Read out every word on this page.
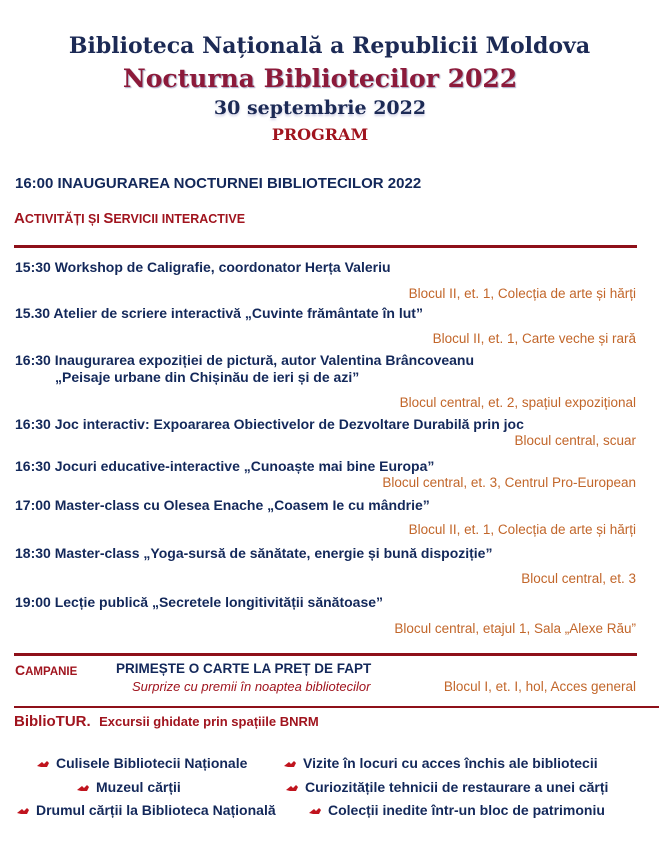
Biblioteca Națională a Republicii Moldova
Nocturna Bibliotecilor 2022
30 septembrie 2022
PROGRAM
16:00 INAUGURAREA NOCTURNEI BIBLIOTECILOR 2022
ACTIVITĂȚI ȘI SERVICII INTERACTIVE
15:30 Workshop de Caligrafie, coordonator Herța Valeriu
Blocul II, et. 1, Colecția de arte și hărți
15.30 Atelier de scriere interactivă „Cuvinte frământate în lut”
Blocul II, et. 1, Carte veche și rară
16:30 Inaugurarea expoziției de pictură, autor Valentina Brâncoveanu
„Peisaje urbane din Chișinău de ieri și de azi”
Blocul central, et. 2, spațiul expozițional
16:30 Joc interactiv: Expoararea Obiectivelor de Dezvoltare Durabilă prin joc
Blocul central, scuar
16:30 Jocuri educative-interactive „Cunoaște mai bine Europa”
Blocul central, et. 3, Centrul Pro-European
17:00 Master-class cu Olesea Enache „Coasem Ie cu mândrie”
Blocul II, et. 1, Colecția de arte și hărți
18:30 Master-class „Yoga-sursă de sănătate, energie și bună dispoziție”
Blocul central, et. 3
19:00 Lecție publică „Secretele longitivității sănătoase”
Blocul central, etajul 1, Sala „Alexe Rău”
CAMPANIE	PRIMEȘTE O CARTE LA PREȚ DE FAPT
Surprize cu premii în noaptea bibliotecilor	Blocul I, et. I, hol, Acces general
BiblioTUR. Excursii ghidate prin spațiile BNRM
Culisele Bibliotecii Naționale	Vizite în locuri cu acces închis ale bibliotecii
Muzeul cărții	Curiozitățile tehnicii de restaurare a unei cărți
Drumul cărții la Biblioteca Națională	Colecții inedite într-un bloc de patrimoniu
